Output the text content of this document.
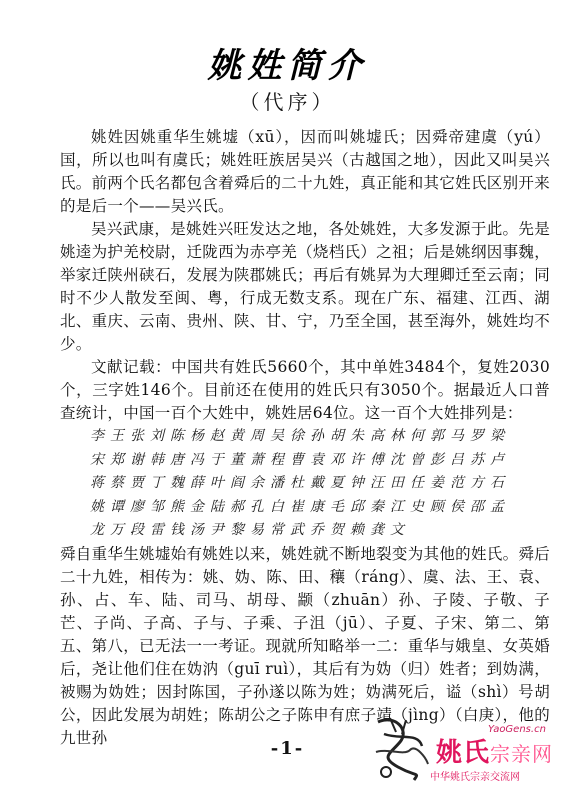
姚姓简介
（代序）

姚姓因姚重华生姚墟（xū），因而叫姚墟氏；因舜帝建虞（yú）国，所以也叫有虞氏；姚姓旺族居吴兴（古越国之地），因此又叫吴兴氏。前两个氏名都包含着舜后的二十九姓，真正能和其它姓氏区别开来的是后一个——吴兴氏。

吴兴武康，是姚姓兴旺发达之地，各处姚姓，大多发源于此。先是姚逵为护羌校尉，迁陇西为赤亭羌（烧档氏）之祖；后是姚纲因事魏，举家迁陕州硖石，发展为陕郡姚氏；再后有姚昇为大理卿迁至云南；同时不少人散发至闽、粤，行成无数支系。现在广东、福建、江西、湖北、重庆、云南、贵州、陕、甘、宁，乃至全国，甚至海外，姚姓均不少。

文献记载：中国共有姓氏5660个，其中单姓3484个，复姓2030个，三字姓146个。目前还在使用的姓氏只有3050个。据最近人口普查统计，中国一百个大姓中，姚姓居64位。这一百个大姓排列是：

李王张刘陈杨赵黄周吴徐孙胡朱高林何郭马罗梁
宋郑谢韩唐冯于董萧程曹袁邓许傅沈曾彭吕苏卢
蒋蔡贾丁魏薛叶阎余潘杜戴夏钟汪田任姜范方石
姚谭廖邹熊金陆郝孔白崔康毛邱秦江史顾侯邵孟
龙万段雷钱汤尹黎易常武乔贺赖龚文

舜自重华生姚墟始有姚姓以来，姚姓就不断地裂变为其他的姓氏。舜后二十九姓，相传为：姚、妫、陈、田、穰（ráng）、虞、法、王、袁、孙、占、车、陆、司马、胡母、颛（zhuān）孙、子陵、子敬、子芒、子尚、子高、子与、子乘、子沮（jū）、子夏、子宋、第二、第五、第八，已无法一一考证。现就所知略举一二：重华与娥皇、女英婚后，尧让他们住在妫汭（guī ruì），其后有为妫（归）姓者；到妫满，被赐为妫姓；因封陈国，子孙遂以陈为姓；妫满死后，谥（shì）号胡公，因此发展为胡姓；陈胡公之子陈申有庶子靖（jìng）（白庚），他的九世孙

-1-
YaoGens.cn
姚氏宗亲网
中华姚氏宗亲交流网
